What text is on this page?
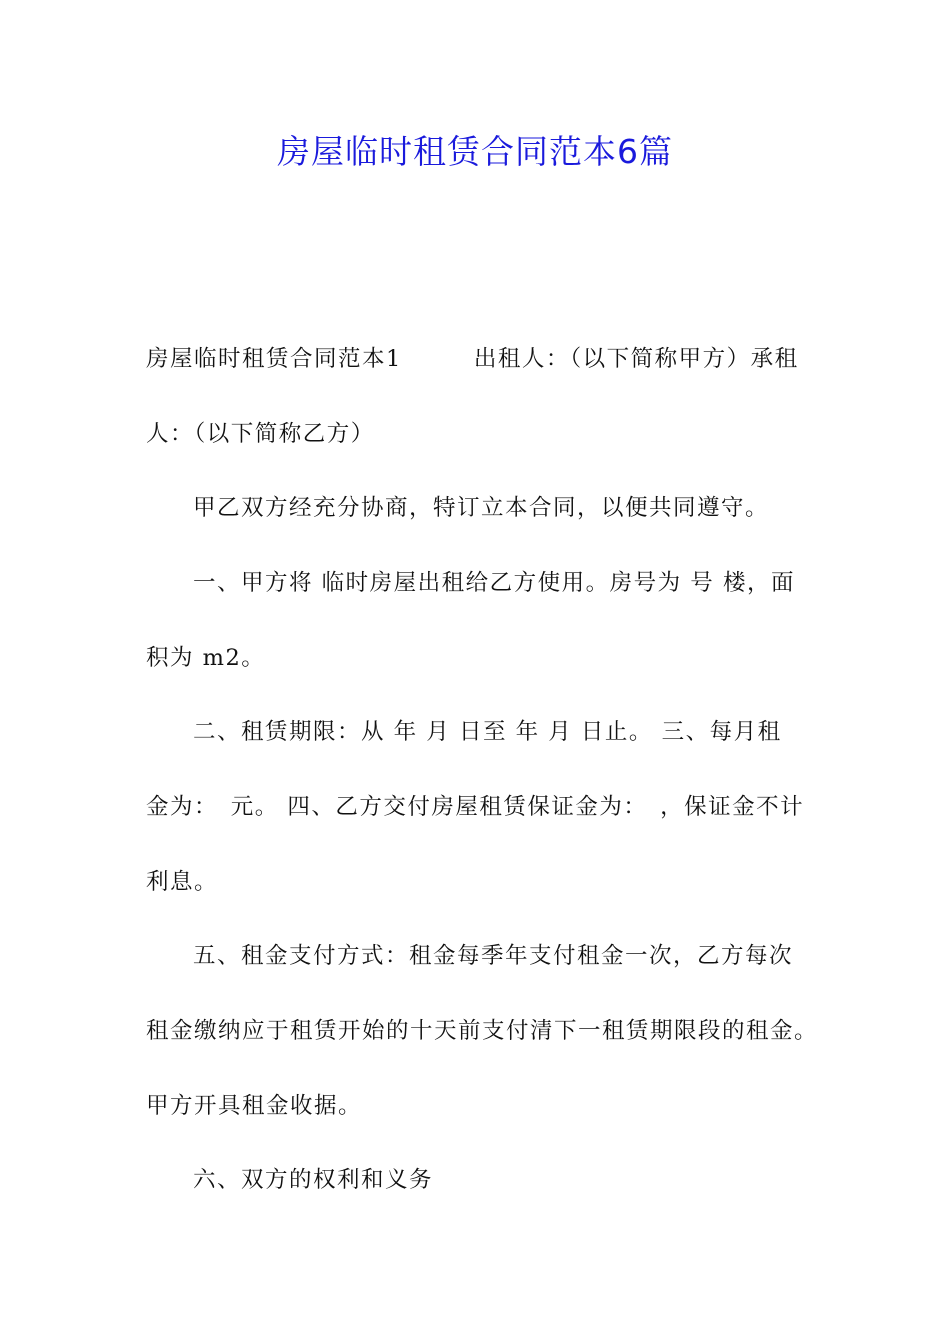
房屋临时租赁合同范本6篇
房屋临时租赁合同范本1　　　出租人：（以下简称甲方）承租
人：（以下简称乙方）
甲乙双方经充分协商，特订立本合同，以便共同遵守。
一、甲方将 临时房屋出租给乙方使用。房号为 号 楼，面
积为 m2。
二、租赁期限：从 年 月 日至 年 月 日止。 三、每月租
金为：　元。 四、乙方交付房屋租赁保证金为：　，保证金不计
利息。
五、租金支付方式：租金每季年支付租金一次，乙方每次
租金缴纳应于租赁开始的十天前支付清下一租赁期限段的租金。
甲方开具租金收据。
六、双方的权利和义务
